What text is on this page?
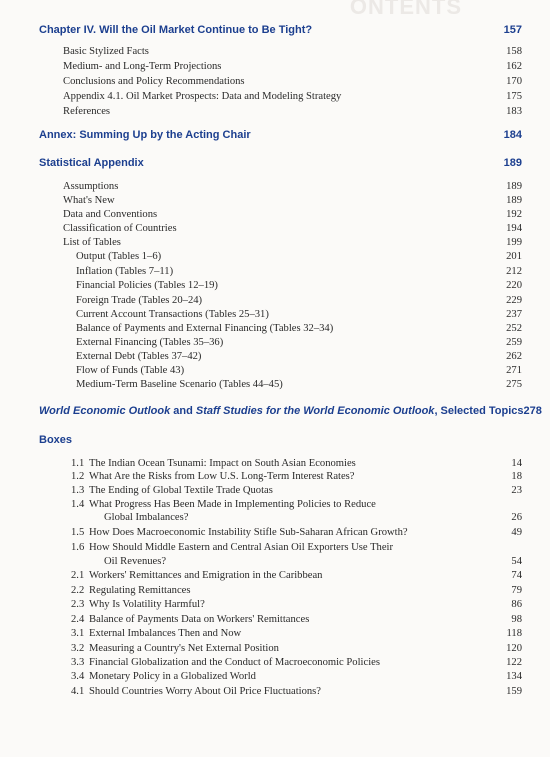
ONTENTS
Chapter IV. Will the Oil Market Continue to Be Tight?	157
Basic Stylized Facts	158
Medium- and Long-Term Projections	162
Conclusions and Policy Recommendations	170
Appendix 4.1. Oil Market Prospects: Data and Modeling Strategy	175
References	183
Annex: Summing Up by the Acting Chair	184
Statistical Appendix	189
Assumptions	189
What's New	189
Data and Conventions	192
Classification of Countries	194
List of Tables	199
Output (Tables 1–6)	201
Inflation (Tables 7–11)	212
Financial Policies (Tables 12–19)	220
Foreign Trade (Tables 20–24)	229
Current Account Transactions (Tables 25–31)	237
Balance of Payments and External Financing (Tables 32–34)	252
External Financing (Tables 35–36)	259
External Debt (Tables 37–42)	262
Flow of Funds (Table 43)	271
Medium-Term Baseline Scenario (Tables 44–45)	275
World Economic Outlook and Staff Studies for the World Economic Outlook, Selected Topics 278
Boxes
1.1 The Indian Ocean Tsunami: Impact on South Asian Economies	14
1.2 What Are the Risks from Low U.S. Long-Term Interest Rates?	18
1.3 The Ending of Global Textile Trade Quotas	23
1.4 What Progress Has Been Made in Implementing Policies to Reduce
Global Imbalances?	26
1.5 How Does Macroeconomic Instability Stifle Sub-Saharan African Growth?	49
1.6 How Should Middle Eastern and Central Asian Oil Exporters Use Their
Oil Revenues?	54
2.1 Workers' Remittances and Emigration in the Caribbean	74
2.2 Regulating Remittances	79
2.3 Why Is Volatility Harmful?	86
2.4 Balance of Payments Data on Workers' Remittances	98
3.1 External Imbalances Then and Now	118
3.2 Measuring a Country's Net External Position	120
3.3 Financial Globalization and the Conduct of Macroeconomic Policies	122
3.4 Monetary Policy in a Globalized World	134
4.1 Should Countries Worry About Oil Price Fluctuations?	159
